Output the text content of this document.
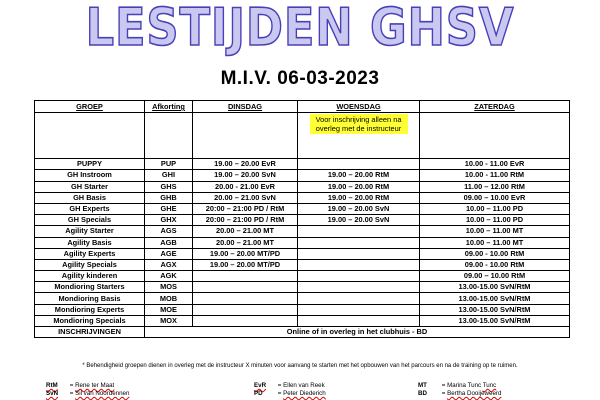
LESTIJDEN GHSV
M.I.V. 06-03-2023
GROEP	Afkorting	DINSDAG	WOENSDAG	ZATERDAG
			Voor inschrijving alleen na overleg met de instructeur	
PUPPY	PUP	19.00 – 20.00 EvR		10.00 - 11.00 EvR
GH Instroom	GHI	19.00 – 20.00 SvN	19.00 – 20.00 RtM	10.00 - 11.00 RtM
GH Starter	GHS	20.00 - 21.00 EvR	19.00 – 20.00 RtM	11.00 – 12.00 RtM
GH Basis	GHB	20.00 – 21.00 SvN	19.00 – 20.00 RtM	09.00 – 10.00 EvR
GH Experts	GHE	20:00 – 21:00 PD / RtM	19.00 – 20.00 SvN	10.00 – 11.00 PD
GH Specials	GHX	20:00 – 21:00 PD / RtM	19.00 – 20.00 SvN	10.00 – 11.00 PD
Agility Starter	AGS	20.00 – 21.00 MT		10.00 – 11.00 MT
Agility Basis	AGB	20.00 – 21.00 MT		10.00 – 11.00 MT
Agility Experts	AGE	19.00 – 20.00 MT/PD		09.00 - 10.00 RtM
Agility Specials	AGX	19.00 – 20.00 MT/PD		09.00 - 10.00 RtM
Agility kinderen	AGK			09.00 – 10.00 RtM
Mondioring Starters	MOS			13.00-15.00 SvN/RtM
Mondioring Basis	MOB			13.00-15.00 SvN/RtM
Mondioring Experts	MOE			13.00-15.00 SvN/RtM
Mondioring Specials	MOX			13.00-15.00 SvN/RtM
INSCHRIJVINGEN	Online of in overleg in het clubhuis - BD			
* Behendigheid groepen dienen in overleg met de instructeur X minuten voor aanvang te starten met het opbouwen van het parcours en na de training op te ruimen.
RtM = Rene ter Maat
SvN = Sil van Noordennen
EvR = Ellen van Reek
PD = Peter Diederich
MT = Marina Tunc Tunc
BD = Bertha Dooijeweerd
